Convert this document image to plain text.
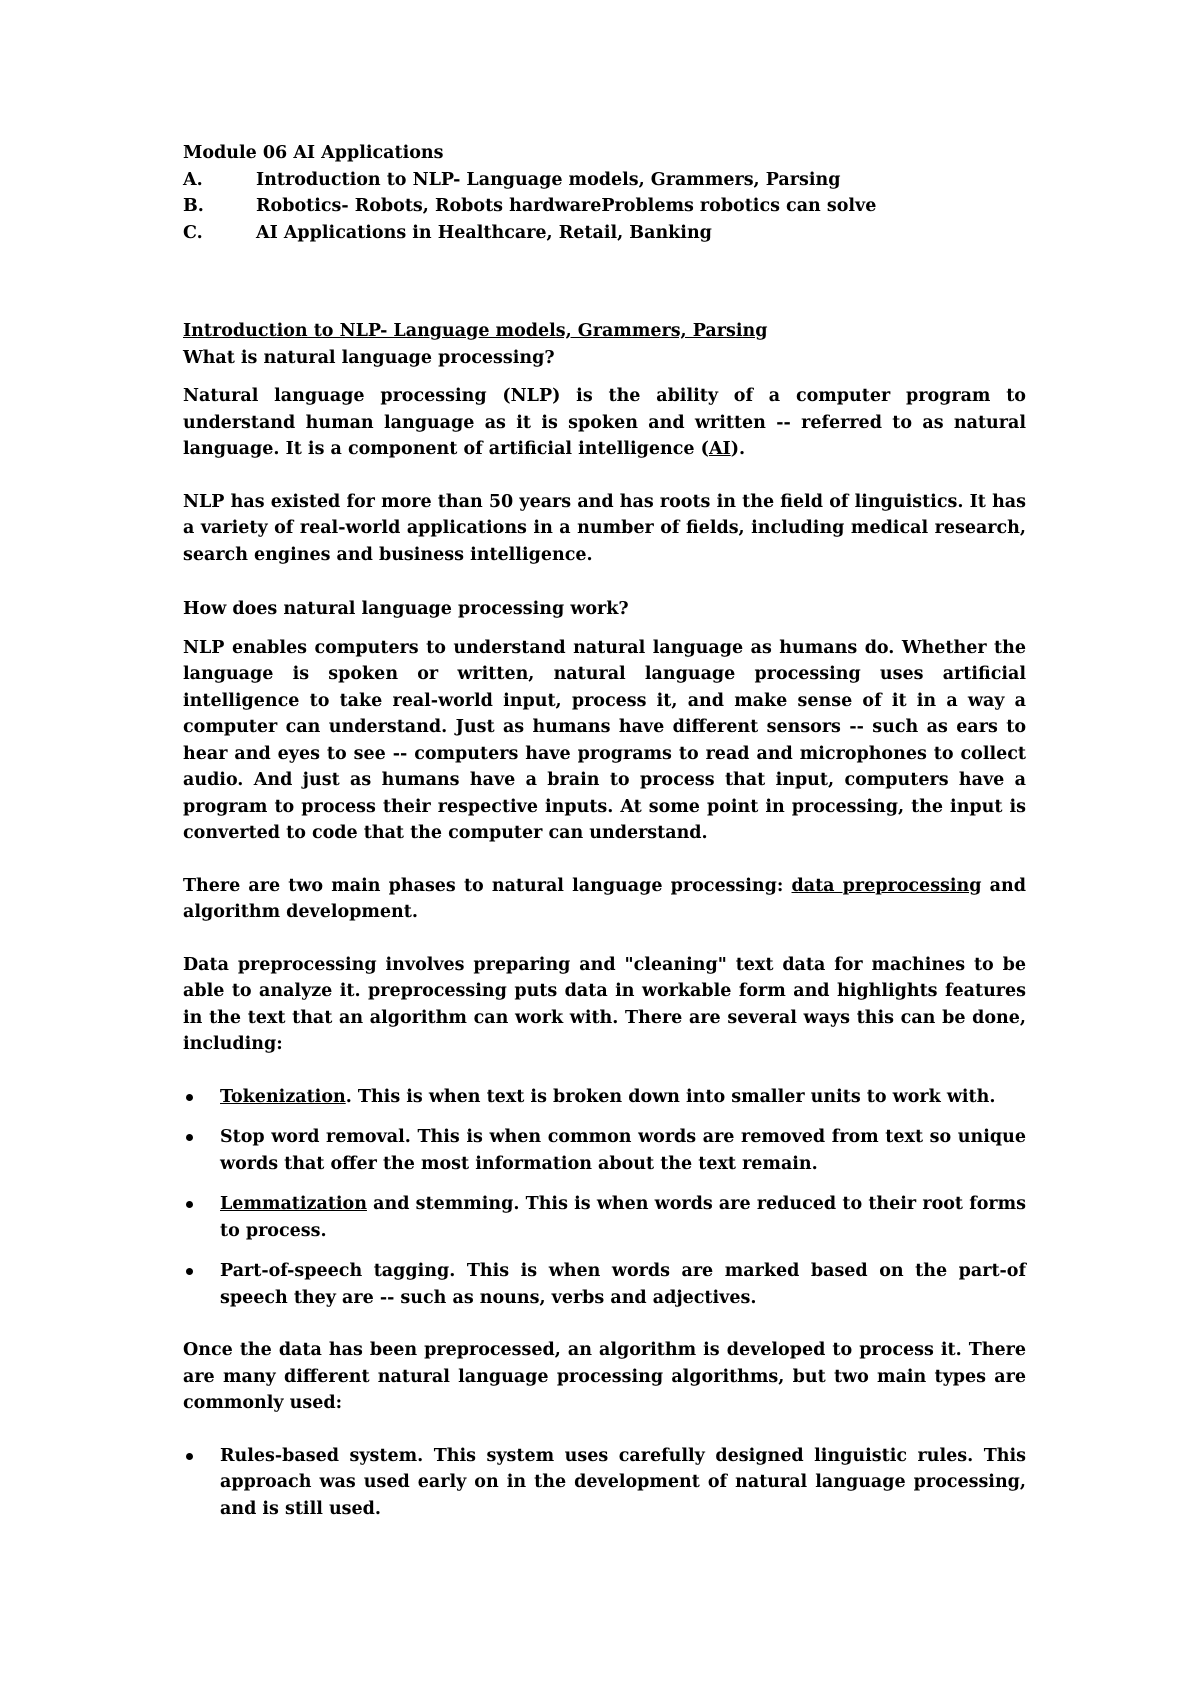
Module 06 AI Applications

A.	Introduction to NLP- Language models, Grammers, Parsing
B.	Robotics- Robots, Robots hardwareProblems robotics can solve
C.	AI Applications in Healthcare, Retail, Banking

Introduction to NLP- Language models, Grammers, Parsing

What is natural language processing?

Natural language processing (NLP) is the ability of a computer program to understand human language as it is spoken and written -- referred to as natural language. It is a component of artificial intelligence (AI).

NLP has existed for more than 50 years and has roots in the field of linguistics. It has a variety of real-world applications in a number of fields, including medical research, search engines and business intelligence.

How does natural language processing work?

NLP enables computers to understand natural language as humans do. Whether the language is spoken or written, natural language processing uses artificial intelligence to take real-world input, process it, and make sense of it in a way a computer can understand. Just as humans have different sensors -- such as ears to hear and eyes to see -- computers have programs to read and microphones to collect audio. And just as humans have a brain to process that input, computers have a program to process their respective inputs. At some point in processing, the input is converted to code that the computer can understand.

There are two main phases to natural language processing: data preprocessing and algorithm development.

Data preprocessing involves preparing and "cleaning" text data for machines to be able to analyze it. preprocessing puts data in workable form and highlights features in the text that an algorithm can work with. There are several ways this can be done, including:

Tokenization. This is when text is broken down into smaller units to work with.
Stop word removal. This is when common words are removed from text so unique words that offer the most information about the text remain.
Lemmatization and stemming. This is when words are reduced to their root forms to process.
Part-of-speech tagging. This is when words are marked based on the part-of speech they are -- such as nouns, verbs and adjectives.

Once the data has been preprocessed, an algorithm is developed to process it. There are many different natural language processing algorithms, but two main types are commonly used:

Rules-based system. This system uses carefully designed linguistic rules. This approach was used early on in the development of natural language processing, and is still used.
